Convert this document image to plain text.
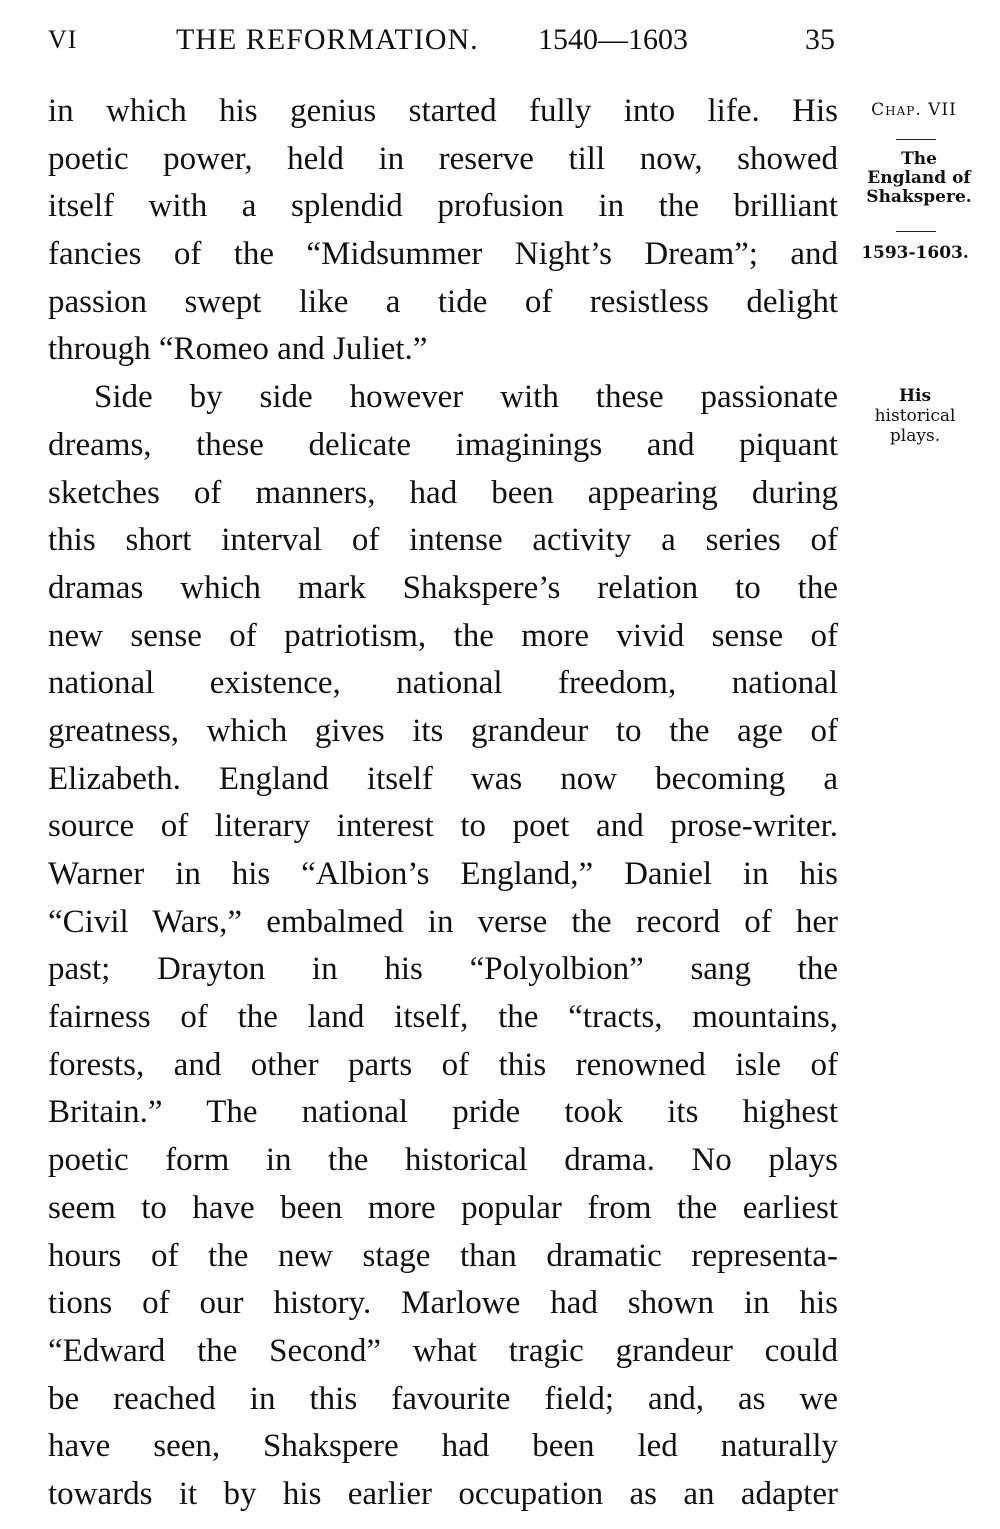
VI	THE REFORMATION. 1540—1603	35
in which his genius started fully into life. His
poetic power, held in reserve till now, showed
itself with a splendid profusion in the brilliant
fancies of the “Midsummer Night’s Dream”; and
passion swept like a tide of resistless delight
through “Romeo and Juliet.”
Side by side however with these passionate
dreams, these delicate imaginings and piquant
sketches of manners, had been appearing during
this short interval of intense activity a series of
dramas which mark Shakspere’s relation to the
new sense of patriotism, the more vivid sense of
national existence, national freedom, national
greatness, which gives its grandeur to the age of
Elizabeth. England itself was now becoming a
source of literary interest to poet and prose-writer.
Warner in his “Albion’s England,” Daniel in his
“Civil Wars,” embalmed in verse the record of her
past; Drayton in his “Polyolbion” sang the
fairness of the land itself, the “tracts, mountains,
forests, and other parts of this renowned isle of
Britain.” The national pride took its highest
poetic form in the historical drama. No plays
seem to have been more popular from the earliest
hours of the new stage than dramatic representa-
tions of our history. Marlowe had shown in his
“Edward the Second” what tragic grandeur could
be reached in this favourite field; and, as we
have seen, Shakspere had been led naturally
towards it by his earlier occupation as an adapter
Chap. VII
The
England of
Shakspere.
1593-1603.
His
historical
plays.
